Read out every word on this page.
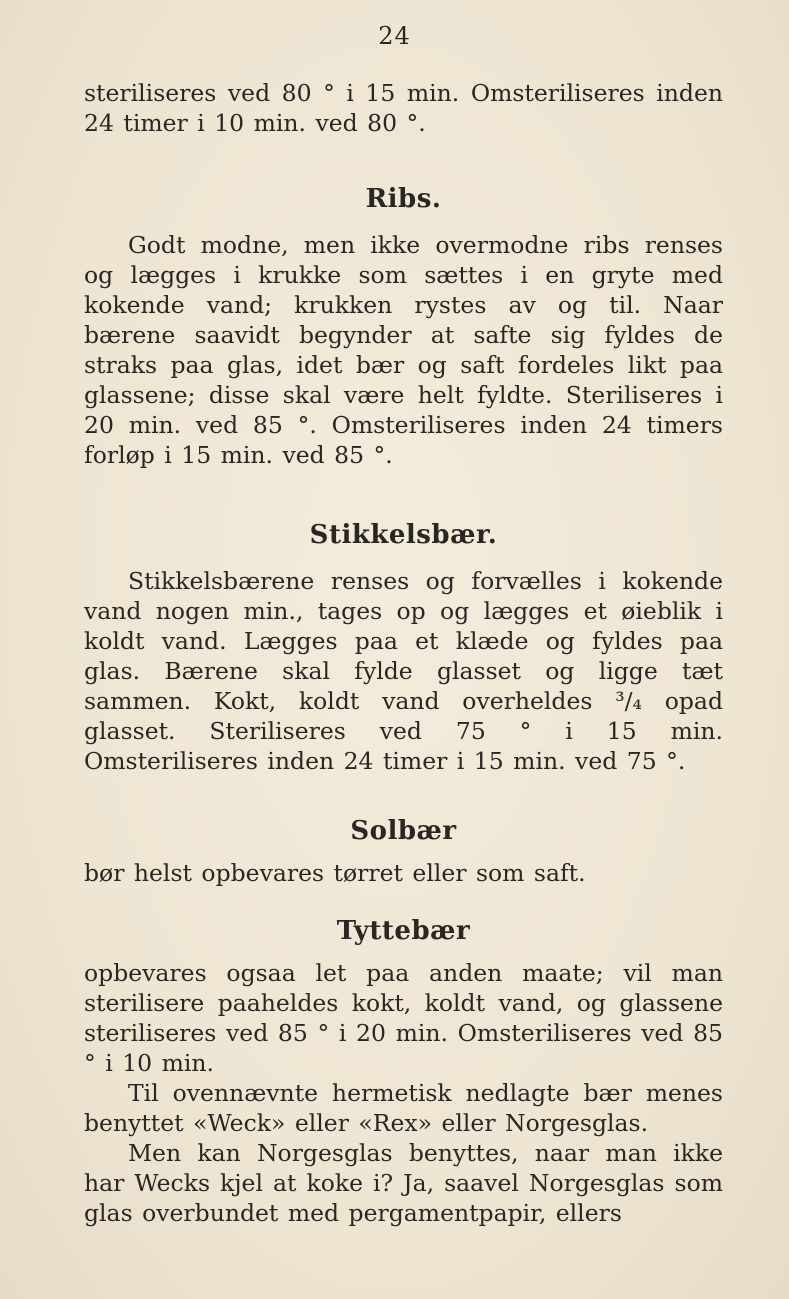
24

steriliseres ved 80 ° i 15 min. Omsteriliseres inden 24 timer i 10 min. ved 80 °.

Ribs.

Godt modne, men ikke overmodne ribs renses og lægges i krukke som sættes i en gryte med kokende vand; krukken rystes av og til. Naar bærene saavidt begynder at safte sig fyldes de straks paa glas, idet bær og saft fordeles likt paa glassene; disse skal være helt fyldte. Steriliseres i 20 min. ved 85 °. Omsteriliseres inden 24 timers forløp i 15 min. ved 85 °.

Stikkelsbær.

Stikkelsbærene renses og forvælles i kokende vand nogen min., tages op og lægges et øieblik i koldt vand. Lægges paa et klæde og fyldes paa glas. Bærene skal fylde glasset og ligge tæt sammen. Kokt, koldt vand overheldes ³/₄ opad glasset. Steriliseres ved 75 ° i 15 min. Omsteriliseres inden 24 timer i 15 min. ved 75 °.

Solbær

bør helst opbevares tørret eller som saft.

Tyttebær

opbevares ogsaa let paa anden maate; vil man sterilisere paaheldes kokt, koldt vand, og glassene steriliseres ved 85 ° i 20 min. Omsteriliseres ved 85 ° i 10 min.

Til ovennævnte hermetisk nedlagte bær menes benyttet «Weck» eller «Rex» eller Norgesglas.

Men kan Norgesglas benyttes, naar man ikke har Wecks kjel at koke i? Ja, saavel Norgesglas som glas overbundet med pergamentpapir, ellers
